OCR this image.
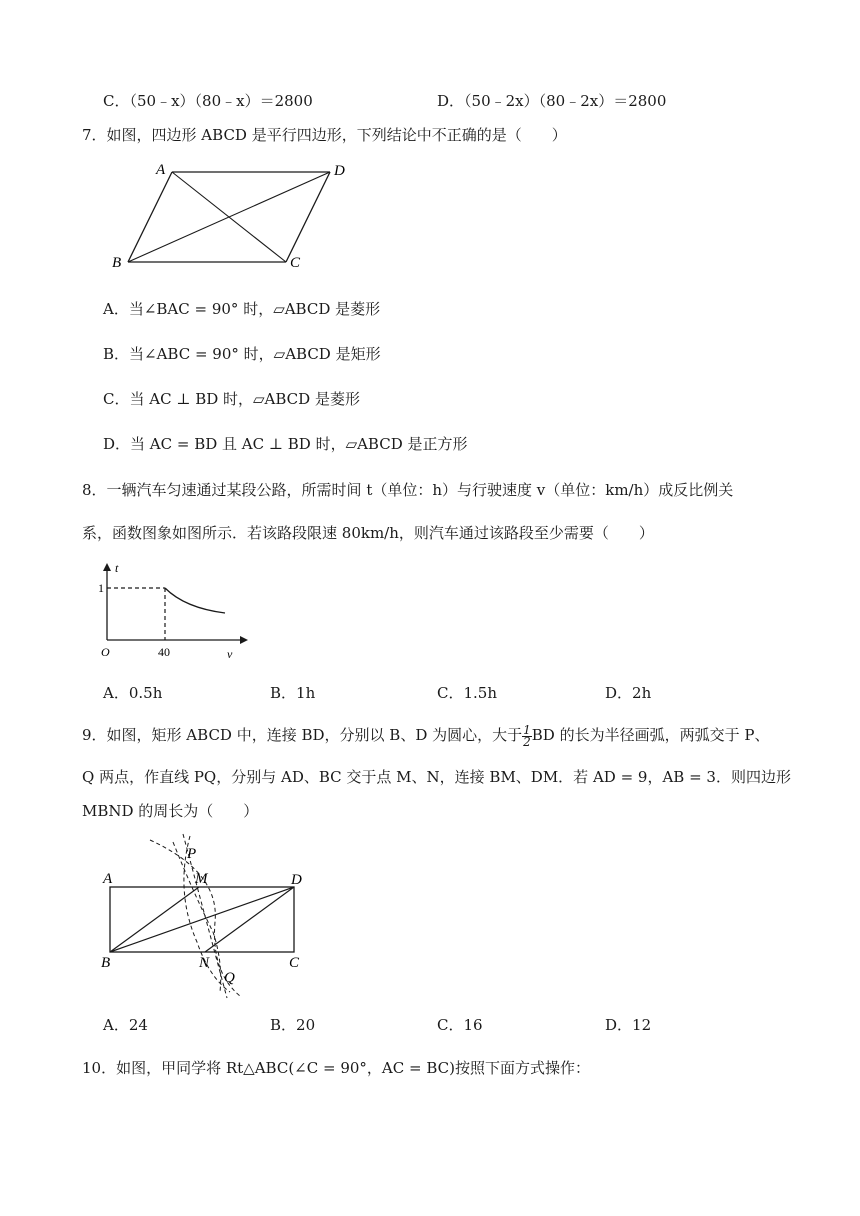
C．（50﹣x）（80﹣x）＝2800	D．（50﹣2x）（80﹣2x）＝2800
7．如图，四边形 ABCD 是平行四边形，下列结论中不正确的是（　　）
A	D
B	C
A．当∠BAC = 90° 时，▱ABCD 是菱形
B．当∠ABC = 90° 时，▱ABCD 是矩形
C．当 AC ⊥ BD 时，▱ABCD 是菱形
D．当 AC = BD 且 AC ⊥ BD 时，▱ABCD 是正方形
8．一辆汽车匀速通过某段公路，所需时间 t（单位：h）与行驶速度 v（单位：km/h）成反比例关
系，函数图象如图所示．若该路段限速 80km/h，则汽车通过该路段至少需要（　　）
t
1
O	40	v
A．0.5h	B．1h	C．1.5h	D．2h
9．如图，矩形 ABCD 中，连接 BD，分别以 B、D 为圆心，大于 $\frac{1}{2}$ BD 的长为半径画弧，两弧交于 P、
Q 两点，作直线 PQ，分别与 AD、BC 交于点 M、N，连接 BM、DM．若 AD = 9，AB = 3．则四边形
MBND 的周长为（　　）
A	M	D
B	N	C
P
Q
A．24	B．20	C．16	D．12
10．如图，甲同学将 Rt△ABC(∠C = 90°，AC = BC)按照下面方式操作：
